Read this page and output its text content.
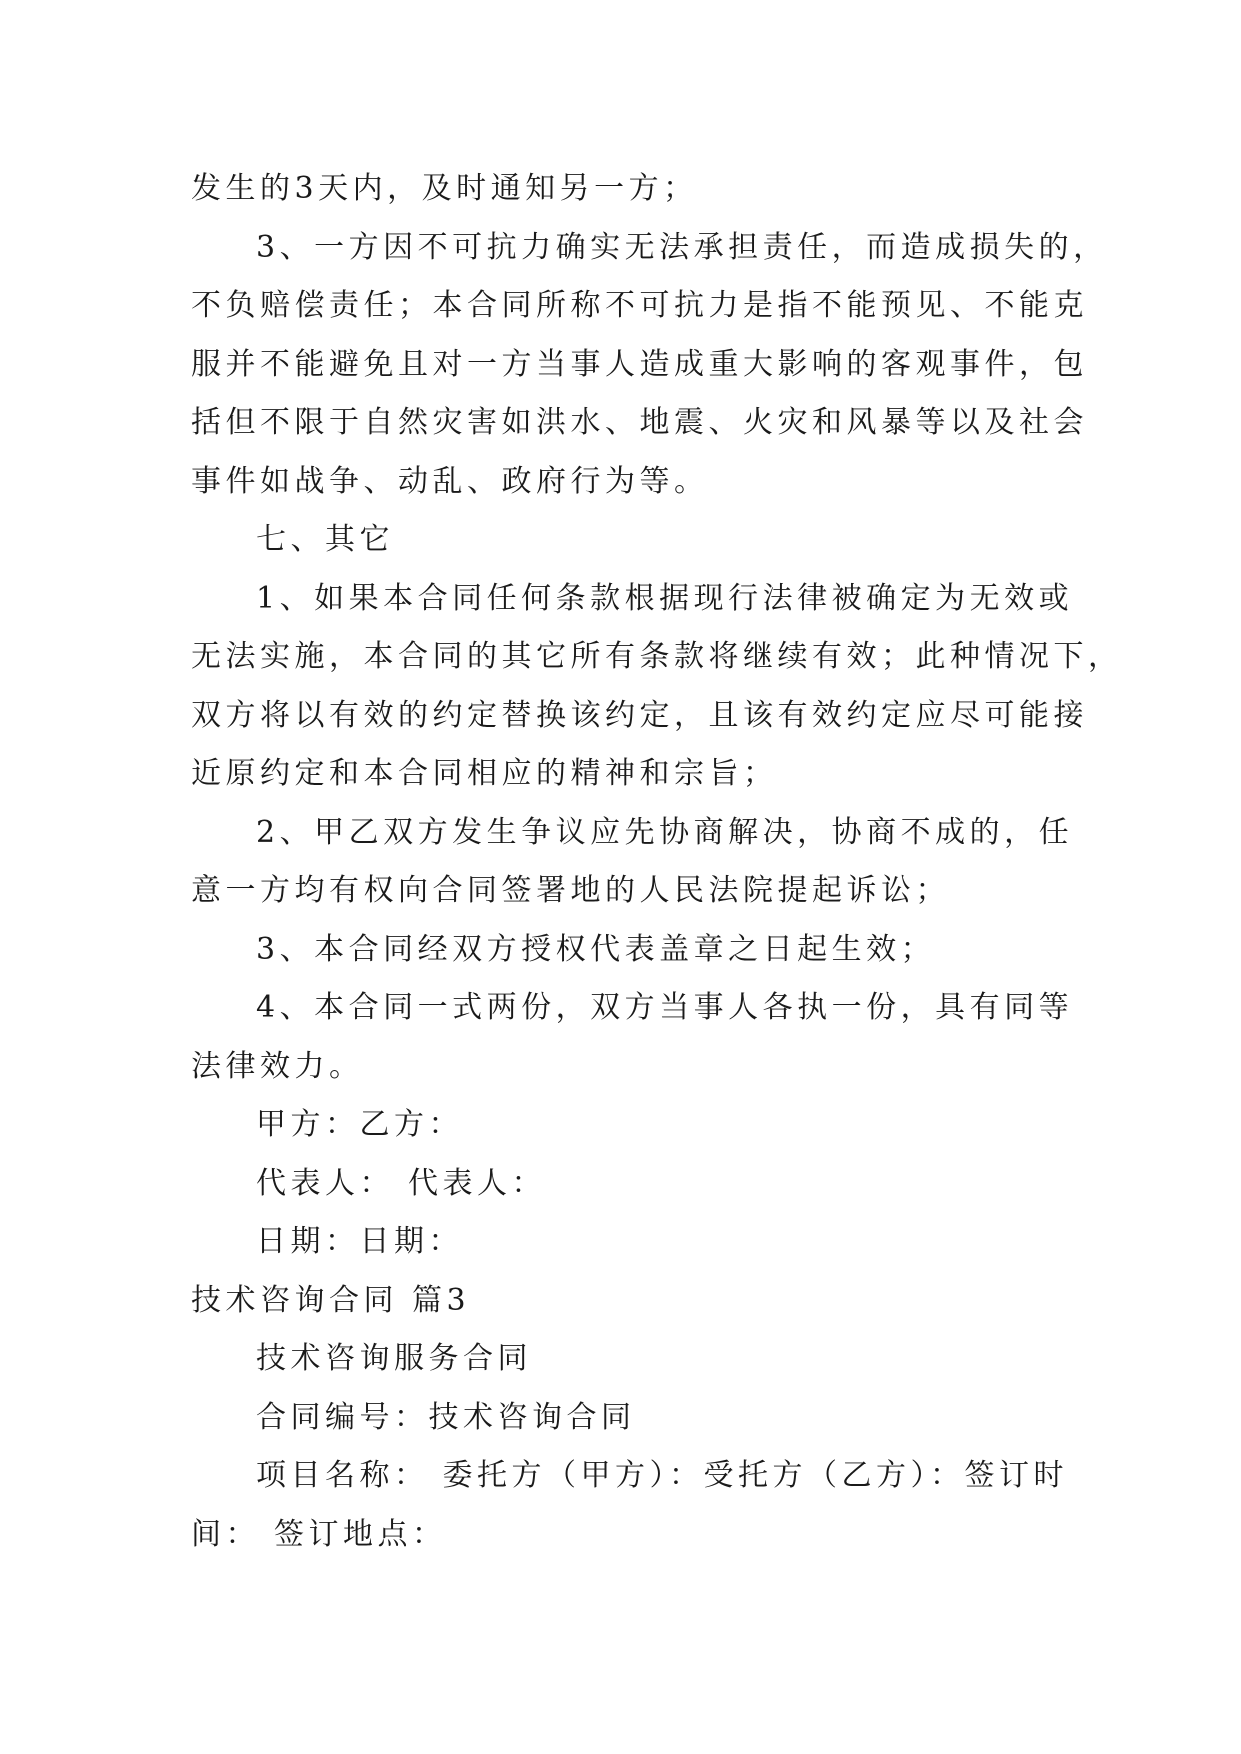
发生的3天内，及时通知另一方；
3、一方因不可抗力确实无法承担责任，而造成损失的，
不负赔偿责任；本合同所称不可抗力是指不能预见、不能克
服并不能避免且对一方当事人造成重大影响的客观事件，包
括但不限于自然灾害如洪水、地震、火灾和风暴等以及社会
事件如战争、动乱、政府行为等。
七、其它
1、如果本合同任何条款根据现行法律被确定为无效或
无法实施，本合同的其它所有条款将继续有效；此种情况下，
双方将以有效的约定替换该约定，且该有效约定应尽可能接
近原约定和本合同相应的精神和宗旨；
2、甲乙双方发生争议应先协商解决，协商不成的，任
意一方均有权向合同签署地的人民法院提起诉讼；
3、本合同经双方授权代表盖章之日起生效；
4、本合同一式两份，双方当事人各执一份，具有同等
法律效力。
甲方：乙方：
代表人： 代表人：
日期：日期：
技术咨询合同 篇3
技术咨询服务合同
合同编号：技术咨询合同
项目名称： 委托方（甲方）：受托方（乙方）：签订时
间： 签订地点：
